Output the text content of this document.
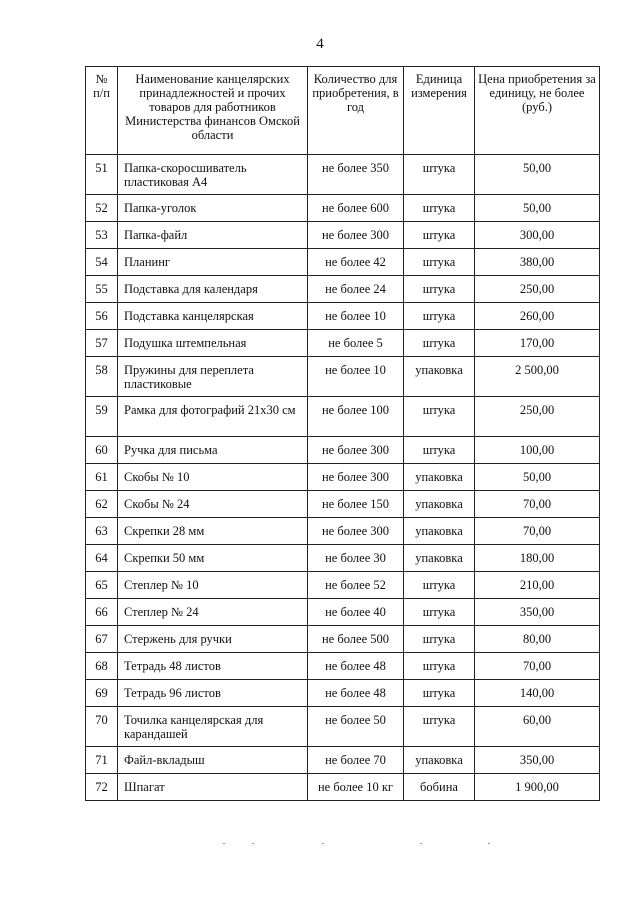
4
№ п/п	Наименование канцелярских принадлежностей и прочих товаров для работников Министерства финансов Омской области	Количество для приобретения, в год	Единица измерения	Цена приобретения за единицу, не более (руб.)
51	Папка-скоросшиватель пластиковая А4	не более 350	штука	50,00
52	Папка-уголок	не более 600	штука	50,00
53	Папка-файл	не более 300	штука	300,00
54	Планинг	не более 42	штука	380,00
55	Подставка для календаря	не более 24	штука	250,00
56	Подставка канцелярская	не более 10	штука	260,00
57	Подушка штемпельная	не более 5	штука	170,00
58	Пружины для переплета пластиковые	не более 10	упаковка	2 500,00
59	Рамка для фотографий 21х30 см	не более 100	штука	250,00
60	Ручка для письма	не более 300	штука	100,00
61	Скобы № 10	не более 300	упаковка	50,00
62	Скобы № 24	не более 150	упаковка	70,00
63	Скрепки 28 мм	не более 300	упаковка	70,00
64	Скрепки 50 мм	не более 30	упаковка	180,00
65	Степлер № 10	не более 52	штука	210,00
66	Степлер № 24	не более 40	штука	350,00
67	Стержень для ручки	не более 500	штука	80,00
68	Тетрадь 48 листов	не более 48	штука	70,00
69	Тетрадь 96 листов	не более 48	штука	140,00
70	Точилка канцелярская для карандашей	не более 50	штука	60,00
71	Файл-вкладыш	не более 70	упаковка	350,00
72	Шпагат	не более 10 кг	бобина	1 900,00
